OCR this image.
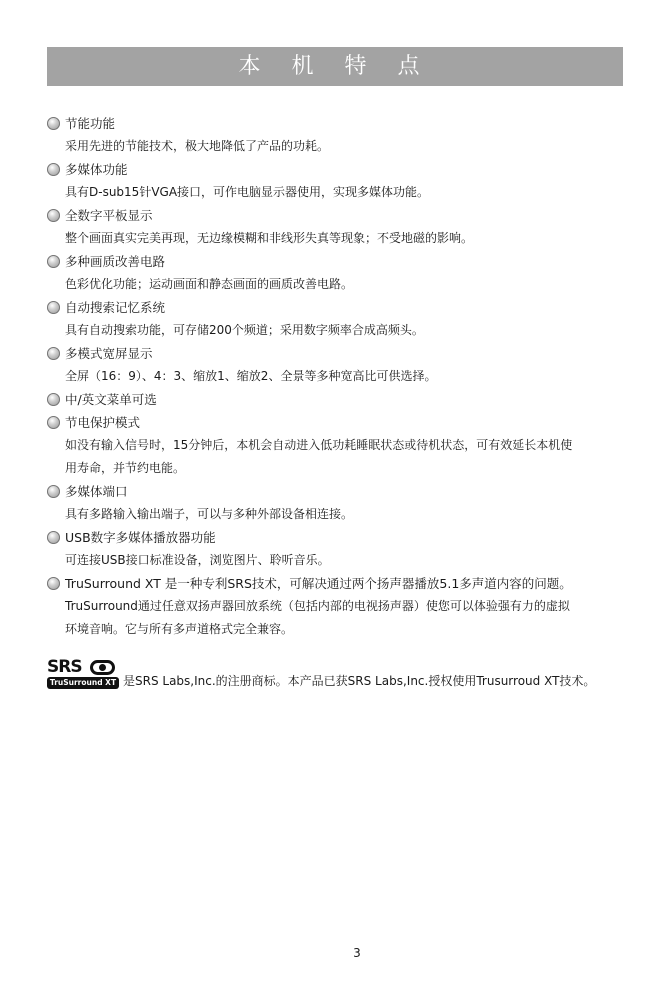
本 机 特 点
节能功能
采用先进的节能技术，极大地降低了产品的功耗。
多媒体功能
具有D-sub15针VGA接口，可作电脑显示器使用，实现多媒体功能。
全数字平板显示
整个画面真实完美再现，无边缘模糊和非线形失真等现象；不受地磁的影响。
多种画质改善电路
色彩优化功能；运动画面和静态画面的画质改善电路。
自动搜索记忆系统
具有自动搜索功能，可存储200个频道；采用数字频率合成高频头。
多模式宽屏显示
全屏（16：9）、4：3、缩放1、缩放2、全景等多种宽高比可供选择。
中/英文菜单可选
节电保护模式
如没有输入信号时，15分钟后，本机会自动进入低功耗睡眠状态或待机状态，可有效延长本机使
用寿命，并节约电能。
多媒体端口
具有多路输入输出端子，可以与多种外部设备相连接。
USB数字多媒体播放器功能
可连接USB接口标准设备，浏览图片、聆听音乐。
TruSurround XT 是一种专利SRS技术，可解决通过两个扬声器播放5.1多声道内容的问题。
TruSurround通过任意双扬声器回放系统（包括内部的电视扬声器）使您可以体验强有力的虚拟
环境音响。它与所有多声道格式完全兼容。
SRS
TruSurround XT 是SRS Labs,Inc.的注册商标。本产品已获SRS Labs,Inc.授权使用Trusurroud XT技术。
3
